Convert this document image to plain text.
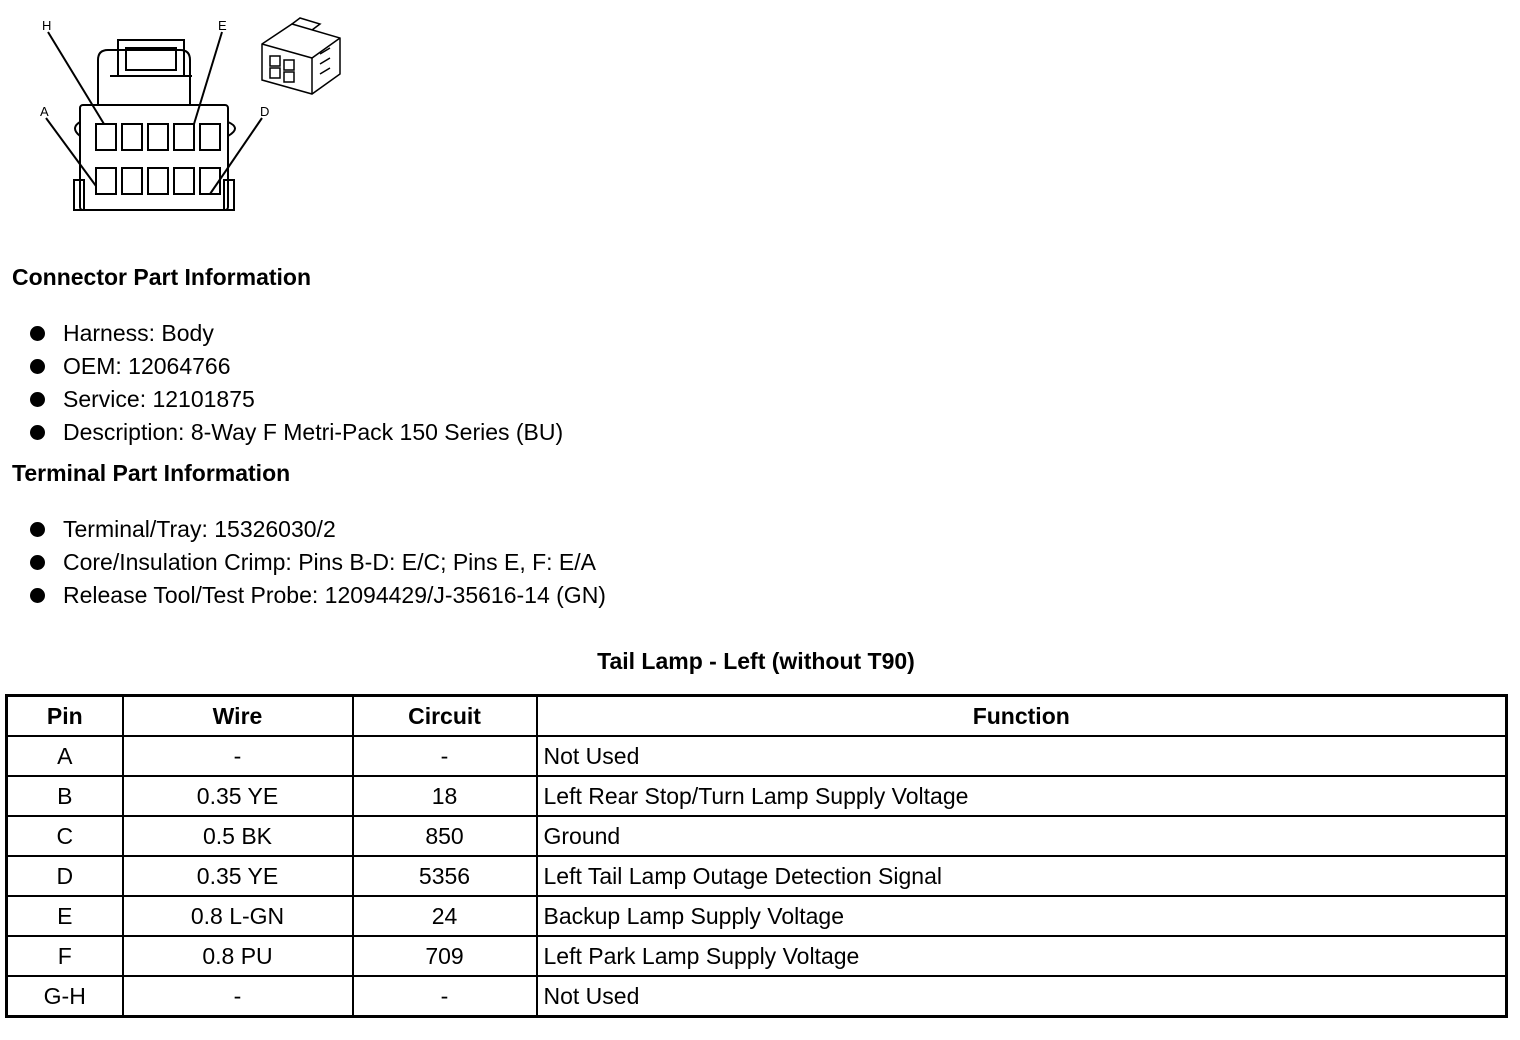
H	E
A	D
Connector Part Information
Harness: Body
OEM: 12064766
Service: 12101875
Description: 8-Way F Metri-Pack 150 Series (BU)
Terminal Part Information
Terminal/Tray: 15326030/2
Core/Insulation Crimp: Pins B-D: E/C; Pins E, F: E/A
Release Tool/Test Probe: 12094429/J-35616-14 (GN)
Tail Lamp - Left (without T90)
Pin	Wire	Circuit	Function
A	-	-	Not Used
B	0.35 YE	18	Left Rear Stop/Turn Lamp Supply Voltage
C	0.5 BK	850	Ground
D	0.35 YE	5356	Left Tail Lamp Outage Detection Signal
E	0.8 L-GN	24	Backup Lamp Supply Voltage
F	0.8 PU	709	Left Park Lamp Supply Voltage
G-H	-	-	Not Used
